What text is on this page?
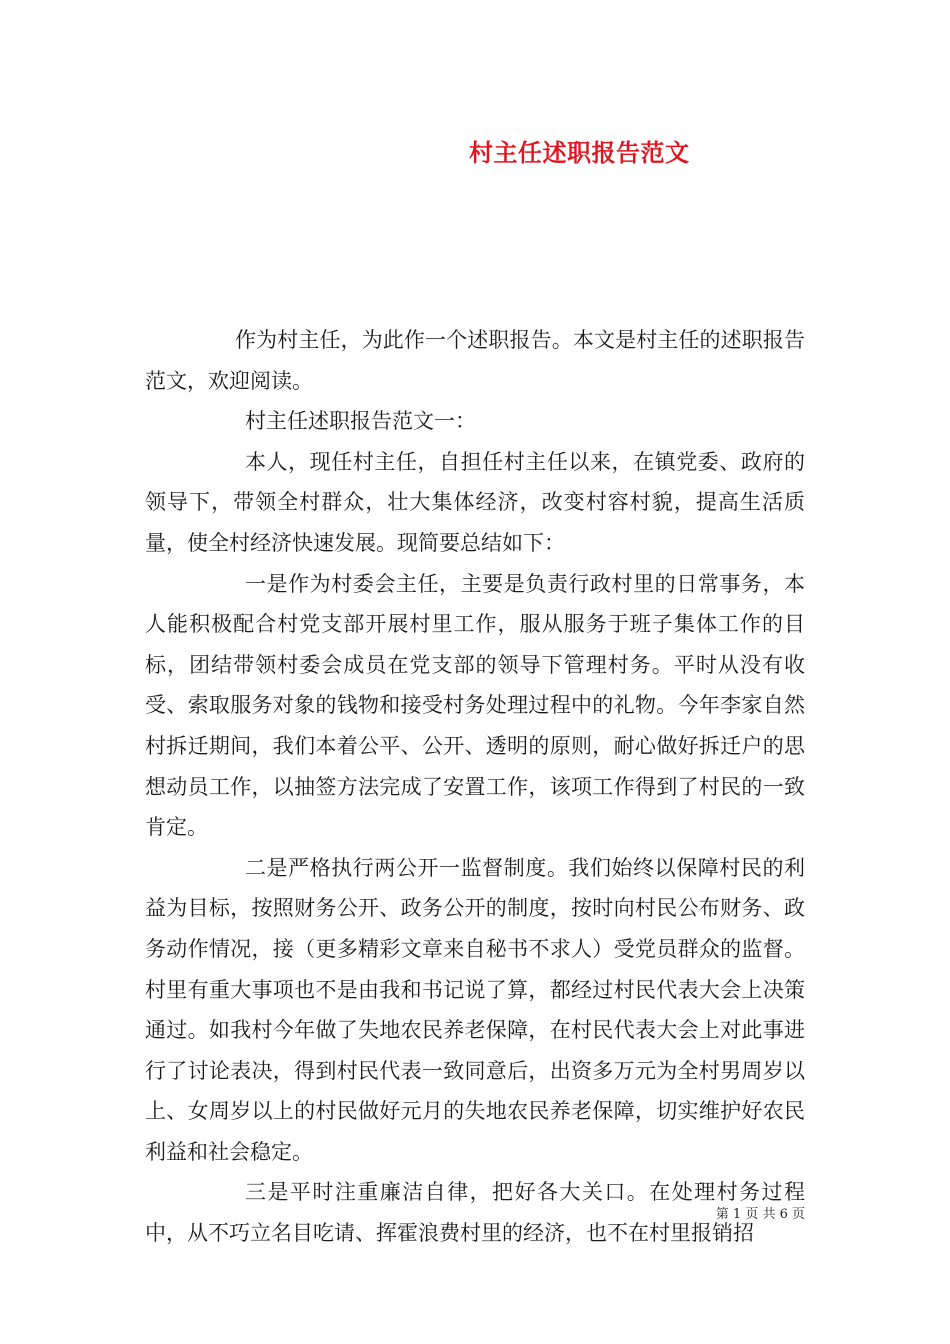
村主任述职报告范文

作为村主任，为此作一个述职报告。本文是村主任的述职报告范文，欢迎阅读。

村主任述职报告范文一：

本人，现任村主任，自担任村主任以来，在镇党委、政府的领导下，带领全村群众，壮大集体经济，改变村容村貌，提高生活质量，使全村经济快速发展。现简要总结如下：

一是作为村委会主任，主要是负责行政村里的日常事务，本人能积极配合村党支部开展村里工作，服从服务于班子集体工作的目标，团结带领村委会成员在党支部的领导下管理村务。平时从没有收受、索取服务对象的钱物和接受村务处理过程中的礼物。今年李家自然村拆迁期间，我们本着公平、公开、透明的原则，耐心做好拆迁户的思想动员工作，以抽签方法完成了安置工作，该项工作得到了村民的一致肯定。

二是严格执行两公开一监督制度。我们始终以保障村民的利益为目标，按照财务公开、政务公开的制度，按时向村民公布财务、政务动作情况，接（更多精彩文章来自秘书不求人）受党员群众的监督。村里有重大事项也不是由我和书记说了算，都经过村民代表大会上决策通过。如我村今年做了失地农民养老保障，在村民代表大会上对此事进行了讨论表决，得到村民代表一致同意后，出资多万元为全村男周岁以上、女周岁以上的村民做好元月的失地农民养老保障，切实维护好农民利益和社会稳定。

三是平时注重廉洁自律，把好各大关口。在处理村务过程中，从不巧立名目吃请、挥霍浪费村里的经济，也不在村里报销招

第 1 页 共 6 页
